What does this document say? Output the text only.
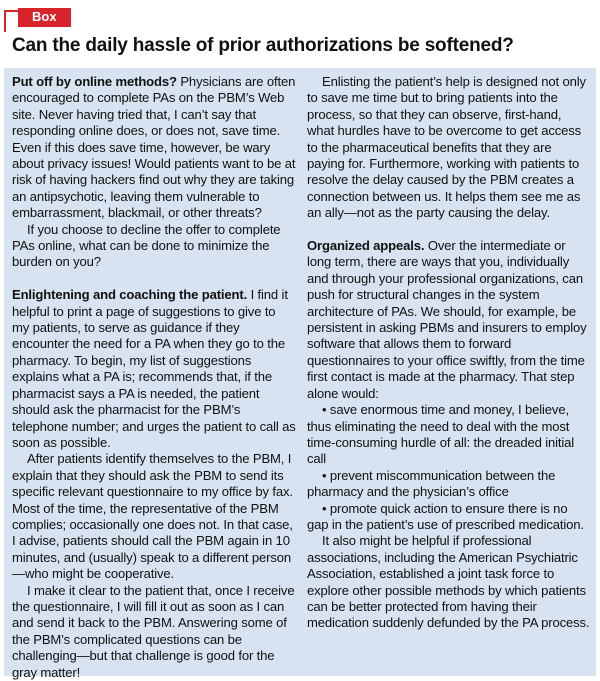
Box
Can the daily hassle of prior authorizations be softened?

Put off by online methods? Physicians are often encouraged to complete PAs on the PBM’s Web site. Never having tried that, I can’t say that responding online does, or does not, save time. Even if this does save time, however, be wary about privacy issues! Would patients want to be at risk of having hackers find out why they are taking an antipsychotic, leaving them vulnerable to embarrassment, blackmail, or other threats?

If you choose to decline the offer to complete PAs online, what can be done to minimize the burden on you?

Enlightening and coaching the patient. I find it helpful to print a page of suggestions to give to my patients, to serve as guidance if they encounter the need for a PA when they go to the pharmacy. To begin, my list of suggestions explains what a PA is; recommends that, if the pharmacist says a PA is needed, the patient should ask the pharmacist for the PBM’s telephone number; and urges the patient to call as soon as possible.

After patients identify themselves to the PBM, I explain that they should ask the PBM to send its specific relevant questionnaire to my office by fax. Most of the time, the representative of the PBM complies; occasionally one does not. In that case, I advise, patients should call the PBM again in 10 minutes, and (usually) speak to a different person—who might be cooperative.

I make it clear to the patient that, once I receive the questionnaire, I will fill it out as soon as I can and send it back to the PBM. Answering some of the PBM’s complicated questions can be challenging—but that challenge is good for the gray matter!

Enlisting the patient’s help is designed not only to save me time but to bring patients into the process, so that they can observe, first-hand, what hurdles have to be overcome to get access to the pharmaceutical benefits that they are paying for. Furthermore, working with patients to resolve the delay caused by the PBM creates a connection between us. It helps them see me as an ally—not as the party causing the delay.

Organized appeals. Over the intermediate or long term, there are ways that you, individually and through your professional organizations, can push for structural changes in the system architecture of PAs. We should, for example, be persistent in asking PBMs and insurers to employ software that allows them to forward questionnaires to your office swiftly, from the time first contact is made at the pharmacy. That step alone would:

• save enormous time and money, I believe, thus eliminating the need to deal with the most time-consuming hurdle of all: the dreaded initial call

• prevent miscommunication between the pharmacy and the physician’s office

• promote quick action to ensure there is no gap in the patient’s use of prescribed medication.

It also might be helpful if professional associations, including the American Psychiatric Association, established a joint task force to explore other possible methods by which patients can be better protected from having their medication suddenly defunded by the PA process.
